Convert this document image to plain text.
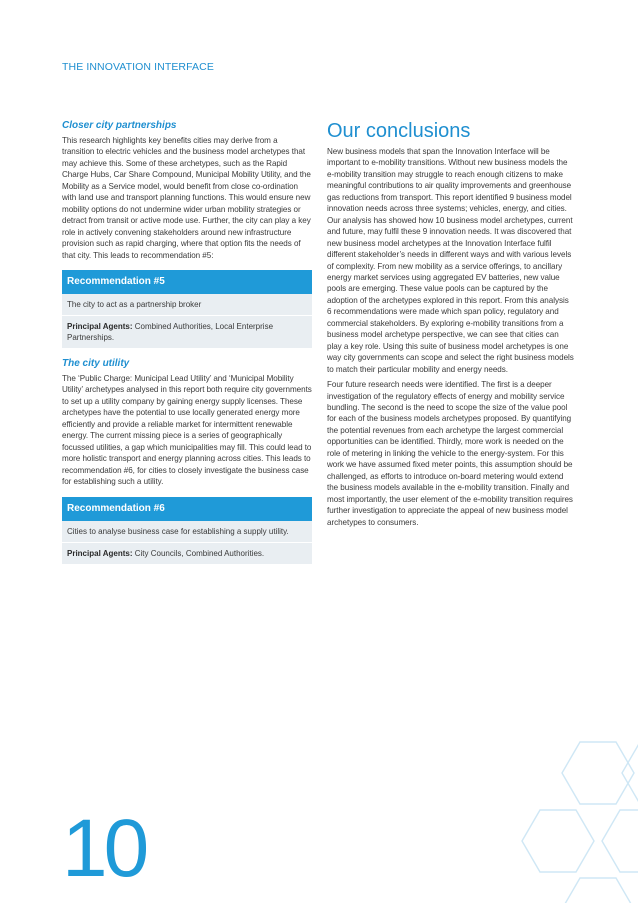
THE INNOVATION INTERFACE
Closer city partnerships

This research highlights key benefits cities may derive from a transition to electric vehicles and the business model archetypes that may achieve this. Some of these archetypes, such as the Rapid Charge Hubs, Car Share Compound, Municipal Mobility Utility, and the Mobility as a Service model, would benefit from close co-ordination with land use and transport planning functions. This would ensure new mobility options do not undermine wider urban mobility strategies or detract from transit or active mode use. Further, the city can play a key role in actively convening stakeholders around new infrastructure provision such as rapid charging, where that option fits the needs of that city. This leads to recommendation #5:

Recommendation #5
The city to act as a partnership broker
Principal Agents: Combined Authorities, Local Enterprise Partnerships.
The city utility

The ‘Public Charge: Municipal Lead Utility’ and ‘Municipal Mobility Utility’ archetypes analysed in this report both require city governments to set up a utility company by gaining energy supply licenses. These archetypes have the potential to use locally generated energy more efficiently and provide a reliable market for intermittent renewable energy. The current missing piece is a series of geographically focussed utilities, a gap which municipalities may fill. This could lead to more holistic transport and energy planning across cities. This leads to recommendation #6, for cities to closely investigate the business case for establishing such a utility.

Recommendation #6
Cities to analyse business case for establishing a supply utility.
Principal Agents: City Councils, Combined Authorities.
Our conclusions

New business models that span the Innovation Interface will be important to e-mobility transitions. Without new business models the e-mobility transition may struggle to reach enough citizens to make meaningful contributions to air quality improvements and greenhouse gas reductions from transport. This report identified 9 business model innovation needs across three systems; vehicles, energy, and cities. Our analysis has showed how 10 business model archetypes, current and future, may fulfil these 9 innovation needs. It was discovered that new business model archetypes at the Innovation Interface fulfil different stakeholder’s needs in different ways and with various levels of complexity. From new mobility as a service offerings, to ancillary energy market services using aggregated EV batteries, new value pools are emerging. These value pools can be captured by the adoption of the archetypes explored in this report. From this analysis 6 recommendations were made which span policy, regulatory and commercial stakeholders. By exploring e-mobility transitions from a business model archetype perspective, we can see that cities can play a key role. Using this suite of business model archetypes is one way city governments can scope and select the right business models to match their particular mobility and energy needs.

Four future research needs were identified. The first is a deeper investigation of the regulatory effects of energy and mobility service bundling. The second is the need to scope the size of the value pool for each of the business models archetypes proposed. By quantifying the potential revenues from each archetype the largest commercial opportunities can be identified. Thirdly, more work is needed on the role of metering in linking the vehicle to the energy-system. For this work we have assumed fixed meter points, this assumption should be challenged, as efforts to introduce on-board metering would extend the business models available in the e-mobility transition. Finally and most importantly, the user element of the e-mobility transition requires further investigation to appreciate the appeal of new business model archetypes to consumers.

10
